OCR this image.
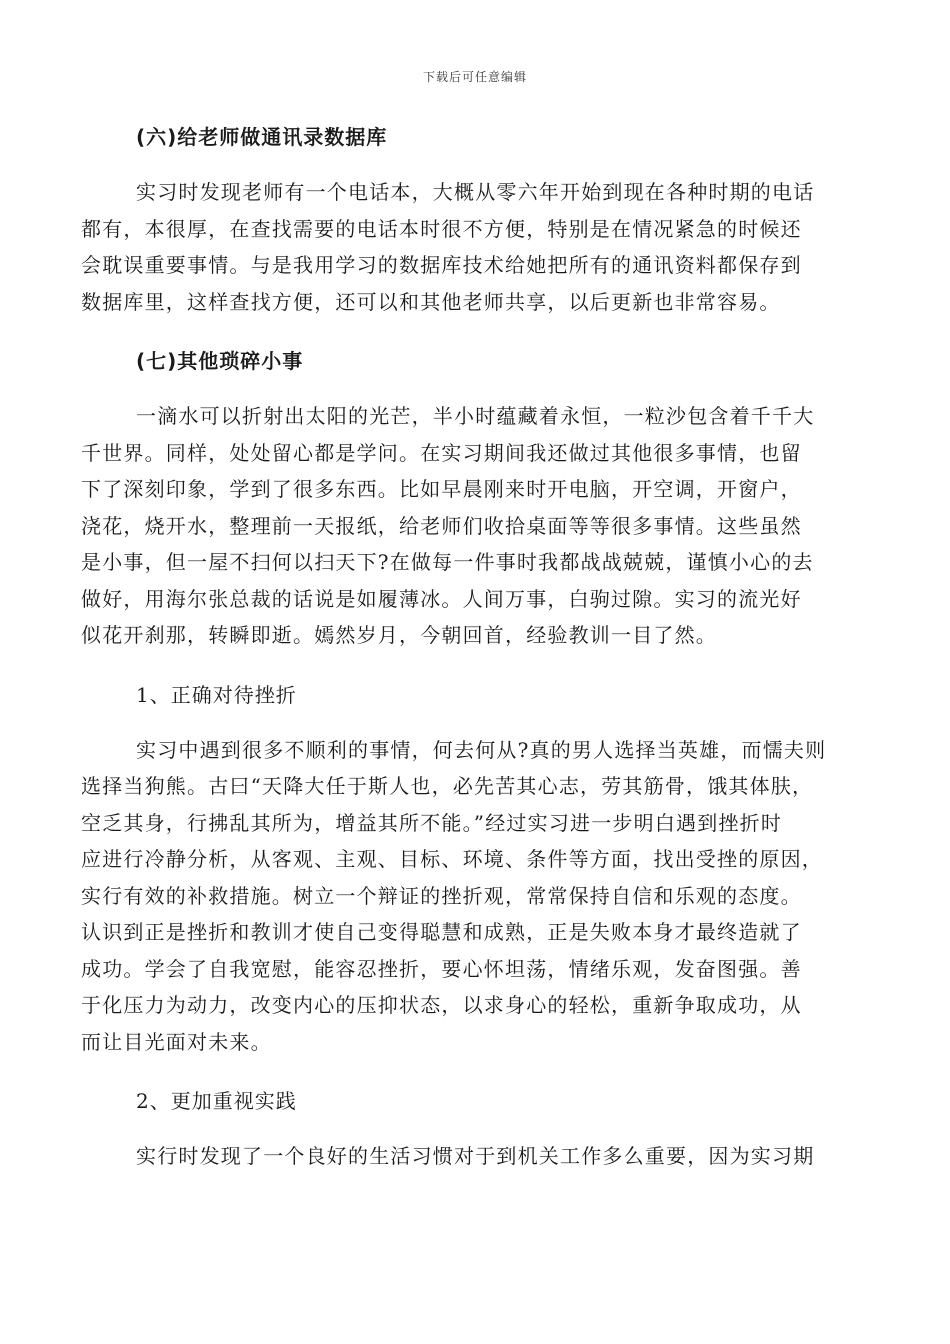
下载后可任意编辑
(六)给老师做通讯录数据库
实习时发现老师有一个电话本，大概从零六年开始到现在各种时期的电话
都有，本很厚，在查找需要的电话本时很不方便，特别是在情况紧急的时候还
会耽误重要事情。与是我用学习的数据库技术给她把所有的通讯资料都保存到
数据库里，这样查找方便，还可以和其他老师共享，以后更新也非常容易。
(七)其他琐碎小事
一滴水可以折射出太阳的光芒，半小时蕴藏着永恒，一粒沙包含着千千大
千世界。同样，处处留心都是学问。在实习期间我还做过其他很多事情，也留
下了深刻印象，学到了很多东西。比如早晨刚来时开电脑，开空调，开窗户，
浇花，烧开水，整理前一天报纸，给老师们收拾桌面等等很多事情。这些虽然
是小事，但一屋不扫何以扫天下?在做每一件事时我都战战兢兢，谨慎小心的去
做好，用海尔张总裁的话说是如履薄冰。人间万事，白驹过隙。实习的流光好
似花开刹那，转瞬即逝。嫣然岁月，今朝回首，经验教训一目了然。
1、正确对待挫折
实习中遇到很多不顺利的事情，何去何从?真的男人选择当英雄，而懦夫则
选择当狗熊。古曰“天降大任于斯人也，必先苦其心志，劳其筋骨，饿其体肤，
空乏其身，行拂乱其所为，增益其所不能。”经过实习进一步明白遇到挫折时
应进行冷静分析，从客观、主观、目标、环境、条件等方面，找出受挫的原因，
实行有效的补救措施。树立一个辩证的挫折观，常常保持自信和乐观的态度。
认识到正是挫折和教训才使自己变得聪慧和成熟，正是失败本身才最终造就了
成功。学会了自我宽慰，能容忍挫折，要心怀坦荡，情绪乐观，发奋图强。善
于化压力为动力，改变内心的压抑状态，以求身心的轻松，重新争取成功，从
而让目光面对未来。
2、更加重视实践
实行时发现了一个良好的生活习惯对于到机关工作多么重要，因为实习期
